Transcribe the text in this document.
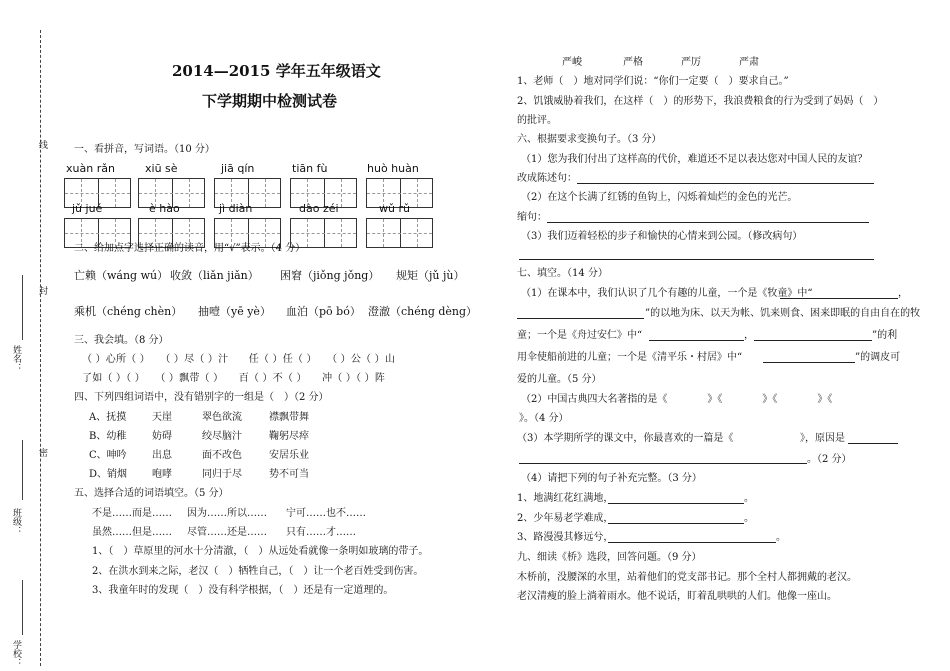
线
封
密
姓名：
班级：
学校：
2014—2015 学年五年级语文
下学期期中检测试卷
一、看拼音，写词语。（10 分）
xuàn rǎn	xiū sè	jiā qín	tiān fù	huò huàn
jǔ jué	è hào	jì diàn	dào zéi	wǔ rǔ
二、给加点字选择正确的读音，用“√”表示。（4 分）
亡赖（wáng wú） 收敛（liǎn jiǎn） 困窘（jiǒng jǒng） 规矩（jǔ jù）
乘机（chéng chèn） 抽噎（yē yè） 血泊（pō bó） 澄澈（chéng dèng）
三、我会填。（8 分）
（ ）心所（ ）　　（ ）尽（ ）汁　　任（ ）任（ ）　　（ ）公（ ）山
了如（ ）（ ）　　（ ）飘带（ ）　　百（ ）不（ ）　　冲（ ）（ ）阵
四、下列四组词语中，没有错别字的一组是（　）（2 分）
A、抚摸	天崖	翠色欲流	襟飘带舞
B、幼稚	妨碍	绞尽脑汁	鞠躬尽瘁
C、呻吟	出息	面不改色	安居乐业
D、销烟 咆哮	同归于尽	势不可当
五、选择合适的词语填空。（5 分）
不是……而是…… 因为……所以…… 宁可……也不……
虽然……但是…… 尽管……还是…… 只有……才……
1、（　）草原里的河水十分清澈，（　）从远处看就像一条明如玻璃的带子。
2、在洪水到来之际，老汉（　）牺牲自己，（　）让一个老百姓受到伤害。
3、我童年时的发现（　）没有科学根据，（　）还是有一定道理的。
严峻	严格	严厉	严肃
1、老师（　）地对同学们说：“你们一定要（　）要求自己。”
2、饥饿威胁着我们，在这样（　）的形势下，我浪费粮食的行为受到了妈妈（　）
的批评。
六、根据要求变换句子。（3 分）
（1）您为我们付出了这样高的代价，难道还不足以表达您对中国人民的友谊？
改成陈述句：
（2）在这个长满了红锈的鱼钩上，闪烁着灿烂的金色的光芒。
缩句：
（3）我们迈着轻松的步子和愉快的心情来到公园。（修改病句）
七、填空。（14 分）
（1）在课本中，我们认识了几个有趣的儿童，一个是《牧童》中“	，
”的以地为床、以天为帐、饥来则食、困来即眠的自由自在的牧
童；一个是《舟过安仁》中“	，	”的利
用伞使船前进的儿童；一个是《清平乐・村居》中“	”的调皮可
爱的儿童。（5 分）
（2）中国古典四大名著指的是《　　　　》《　　　　》《　　　　》《
》。（4 分）
（3）本学期所学的课文中，你最喜欢的一篇是《	》，原因是
。（2 分）
（4）请把下列的句子补充完整。（3 分）
1、地满红花红满地，	。
2、少年易老学难成，	。
3、路漫漫其修远兮，	。
九、细读《桥》选段，回答问题。（9 分）
木桥前，没腰深的水里，站着他们的党支部书记。那个全村人都拥戴的老汉。
老汉清瘦的脸上淌着雨水。他不说话，盯着乱哄哄的人们。他像一座山。
